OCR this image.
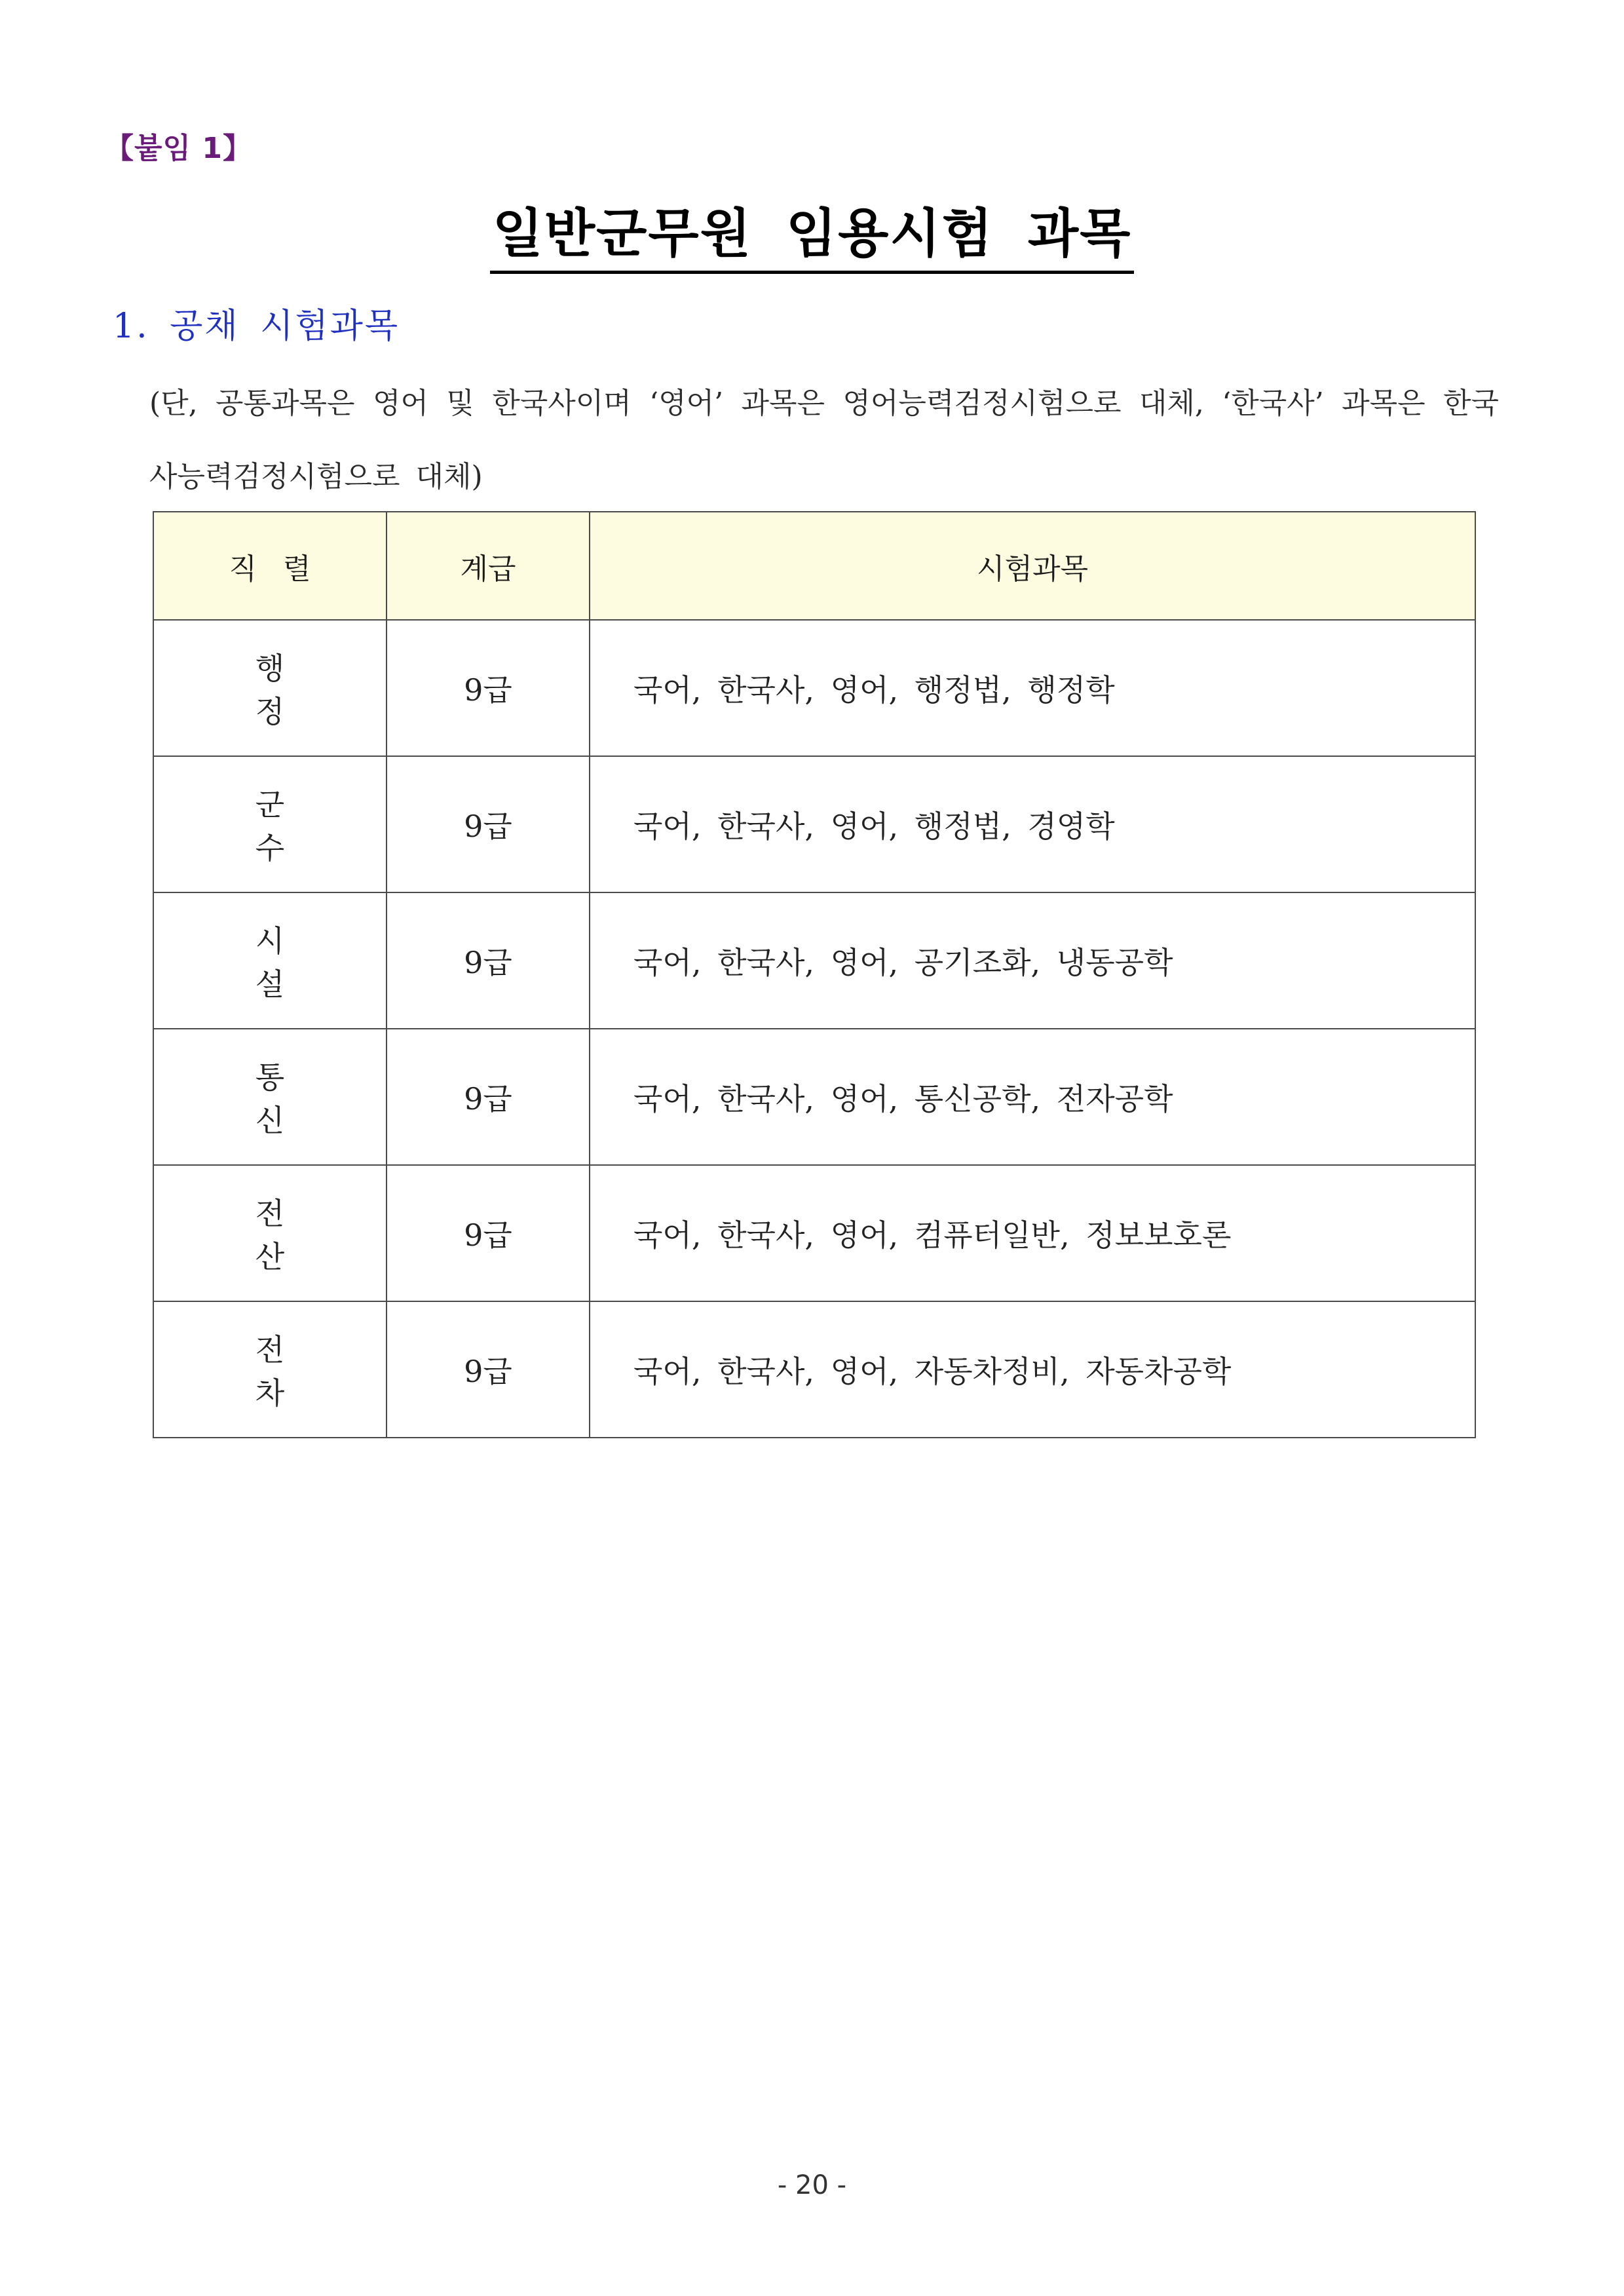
【붙임 1】
일반군무원 임용시험 과목
1. 공채 시험과목
(단, 공통과목은 영어 및 한국사이며 ‘영어’ 과목은 영어능력검정시험으로 대체, ‘한국사’ 과목은 한국사능력검정시험으로 대체)
직렬	계급	시험과목
행정	9급	국어, 한국사, 영어, 행정법, 행정학
군수	9급	국어, 한국사, 영어, 행정법, 경영학
시설	9급	국어, 한국사, 영어, 공기조화, 냉동공학
통신	9급	국어, 한국사, 영어, 통신공학, 전자공학
전산	9급	국어, 한국사, 영어, 컴퓨터일반, 정보보호론
전차	9급	국어, 한국사, 영어, 자동차정비, 자동차공학
- 20 -
